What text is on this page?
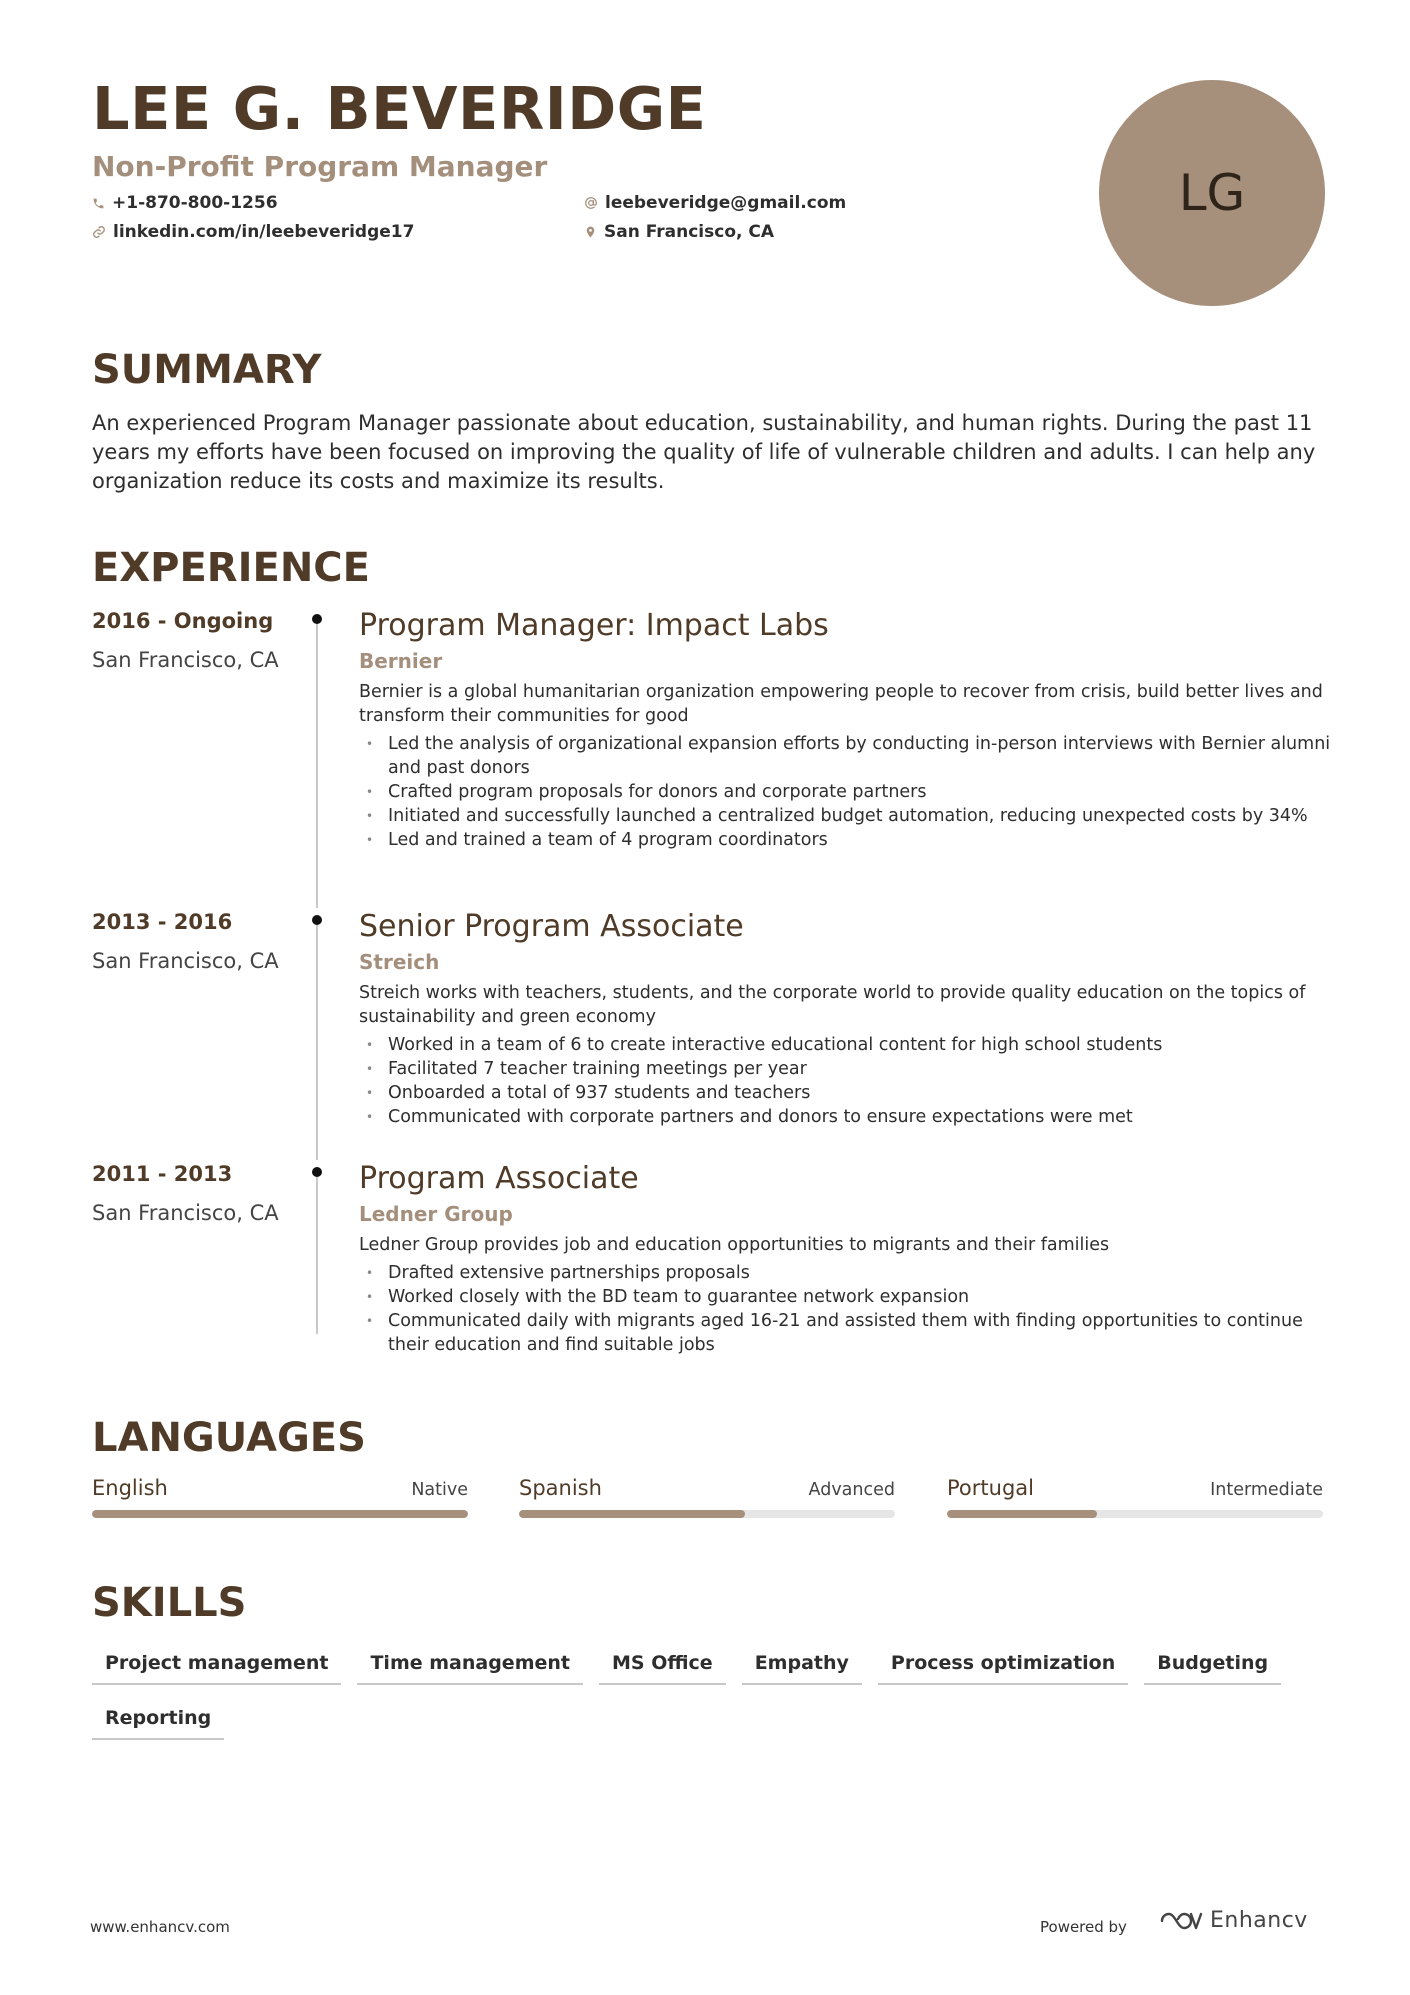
LEE G. BEVERIDGE
Non-Profit Program Manager
+1-870-800-1256
linkedin.com/in/leebeveridge17
leebeveridge@gmail.com
San Francisco, CA
LG
SUMMARY
An experienced Program Manager passionate about education, sustainability, and human rights. During the past 11 years my efforts have been focused on improving the quality of life of vulnerable children and adults. I can help any organization reduce its costs and maximize its results.
EXPERIENCE
2016 - Ongoing
San Francisco, CA
Program Manager: Impact Labs
Bernier
Bernier is a global humanitarian organization empowering people to recover from crisis, build better lives and transform their communities for good
• Led the analysis of organizational expansion efforts by conducting in-person interviews with Bernier alumni and past donors
• Crafted program proposals for donors and corporate partners
• Initiated and successfully launched a centralized budget automation, reducing unexpected costs by 34%
• Led and trained a team of 4 program coordinators
2013 - 2016
San Francisco, CA
Senior Program Associate
Streich
Streich works with teachers, students, and the corporate world to provide quality education on the topics of sustainability and green economy
• Worked in a team of 6 to create interactive educational content for high school students
• Facilitated 7 teacher training meetings per year
• Onboarded a total of 937 students and teachers
• Communicated with corporate partners and donors to ensure expectations were met
2011 - 2013
San Francisco, CA
Program Associate
Ledner Group
Ledner Group provides job and education opportunities to migrants and their families
• Drafted extensive partnerships proposals
• Worked closely with the BD team to guarantee network expansion
• Communicated daily with migrants aged 16-21 and assisted them with finding opportunities to continue their education and find suitable jobs
LANGUAGES
English	Native Spanish	Advanced Portugal	Intermediate
SKILLS
Project management	Time management	MS Office	Empathy	Process optimization	Budgeting
Reporting
www.enhancv.com	Powered by	Enhancv
